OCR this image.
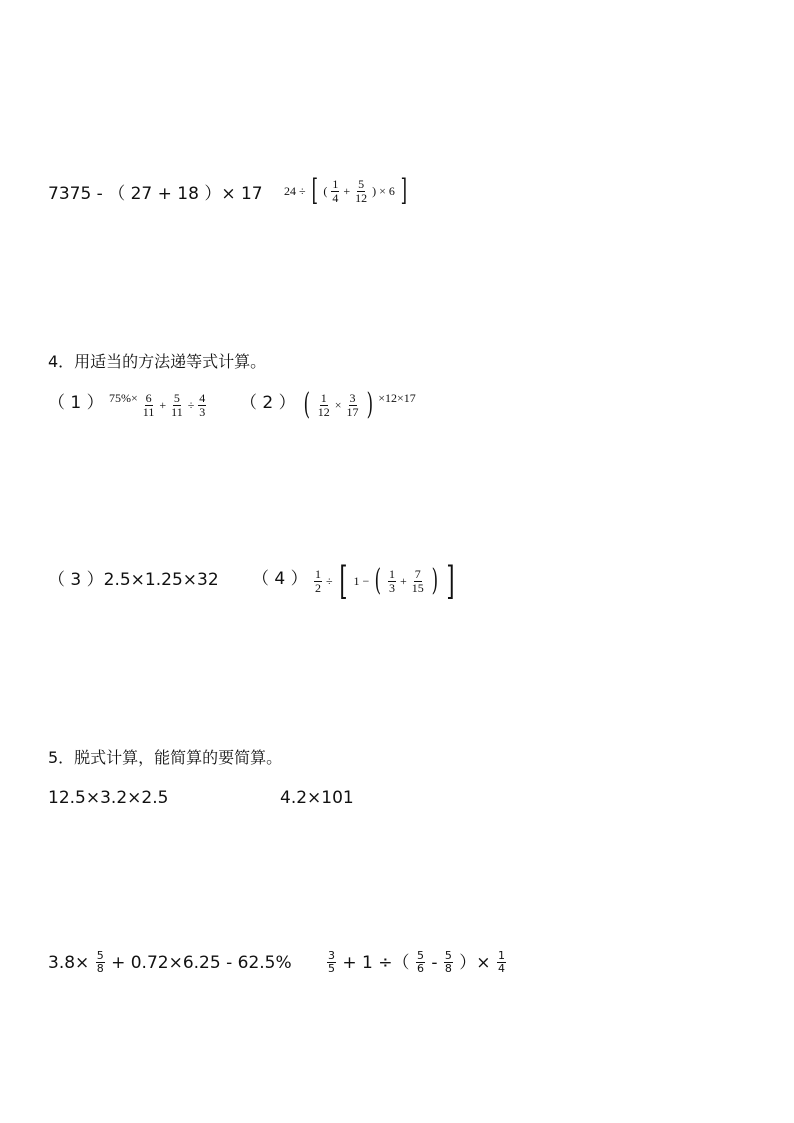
7375 - （ 27 + 18 ）× 17 24 ÷ [ ( $\frac{1}{4} + \frac{5}{12}$ ) × 6 ]
4．用适当的方法递等式计算。
（ 1 ） $75\%\times \frac{6}{11} + \frac{5}{11} \div \frac{4}{3}$ （ 2 ） ( $\frac{1}{12} \times \frac{3}{17}$ ) ×12×17
（ 3 ）2.5×1.25×32 （ 4 ） $\frac{1}{2}$ ÷ [ 1 − ( $\frac{1}{3} + \frac{7}{15}$ ) ]
5．脱式计算，能简算的要简算。
12.5×3.2×2.5	4.2×101
$3.8\times \frac{5}{8} + 0.72\times 6.25 - 62.5\%$	$\frac{3}{5} + 1$ ÷（ $\frac{5}{6} - \frac{5}{8}$ ）× $\frac{1}{4}$
